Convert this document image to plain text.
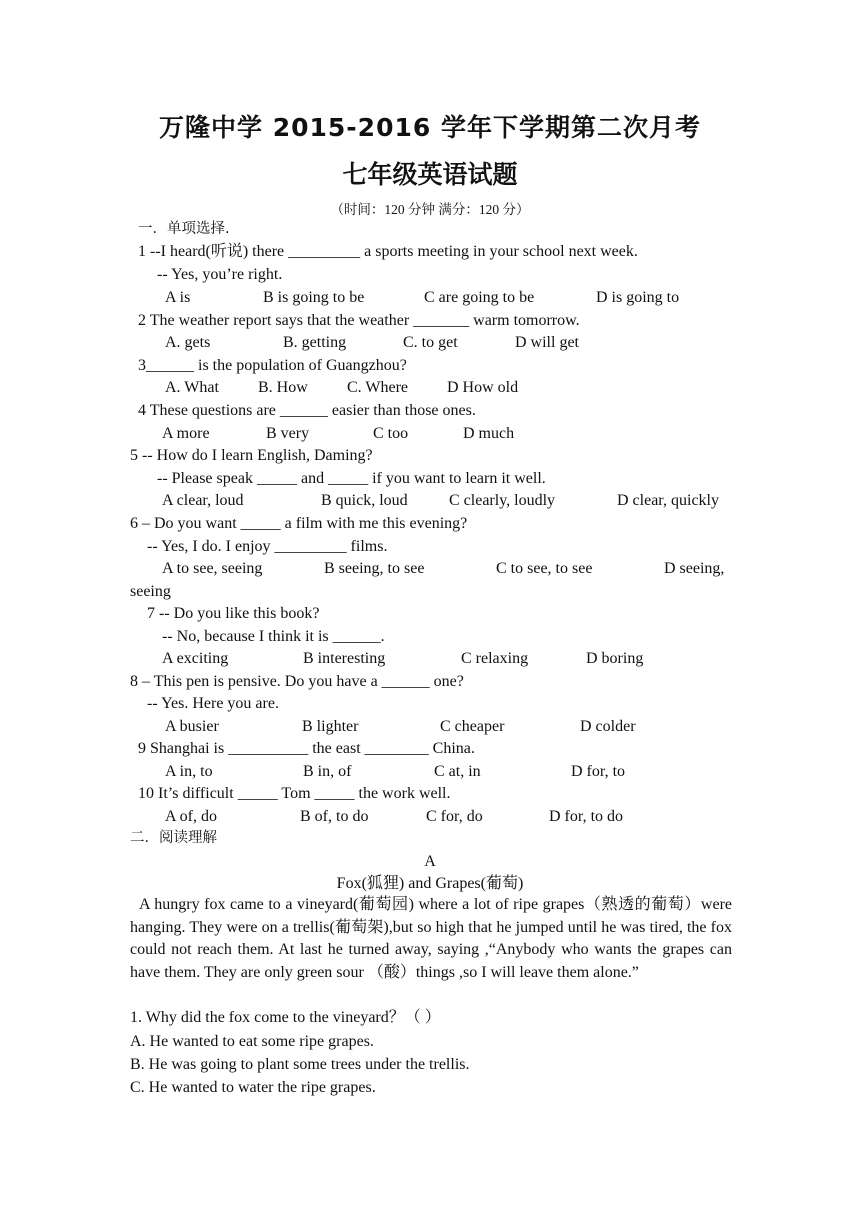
万隆中学 2015-2016 学年下学期第二次月考
七年级英语试题
（时间：120 分钟 满分：120 分）
一．单项选择.
1 --I heard(听说) there _________ a sports meeting in your school next week.
-- Yes, you’re right.
A is	B is going to be	C are going to be	D is going to
2 The weather report says that the weather _______ warm tomorrow.
A. gets	B. getting	C. to get	D will get
3______ is the population of Guangzhou?
A. What B. How C. Where D How old
4 These questions are ______ easier than those ones.
A more	B very	C too	D much
5 -- How do I learn English, Daming?
-- Please speak _____ and _____ if you want to learn it well.
A clear, loud	B quick, loud	C clearly, loudly	D clear, quickly
6 – Do you want _____ a film with me this evening?
-- Yes, I do. I enjoy _________ films.
A to see, seeing	B seeing, to see	C to see, to see	D seeing,
seeing
7 -- Do you like this book?
-- No, because I think it is ______.
A exciting	B interesting	C relaxing	D boring
8 – This pen is pensive. Do you have a ______ one?
-- Yes. Here you are.
A busier	B lighter	C cheaper	D colder
9 Shanghai is __________ the east ________ China.
A in, to	B in, of	C at, in	D for, to
10 It’s difficult _____ Tom _____ the work well.
A of, do	B of, to do	C for, do	D for, to do
二．阅读理解
A
Fox(狐狸) and Grapes(葡萄)
A hungry fox came to a vineyard(葡萄园) where a lot of ripe grapes（熟透的葡萄）were hanging. They were on a trellis(葡萄架),but so high that he jumped until he was tired, the fox could not reach them. At last he turned away, saying ,“Anybody who wants the grapes can have them. They are only green sour （酸）things ,so I will leave them alone.”
1. Why did the fox come to the vineyard？（ ）
A. He wanted to eat some ripe grapes.
B. He was going to plant some trees under the trellis.
C. He wanted to water the ripe grapes.
